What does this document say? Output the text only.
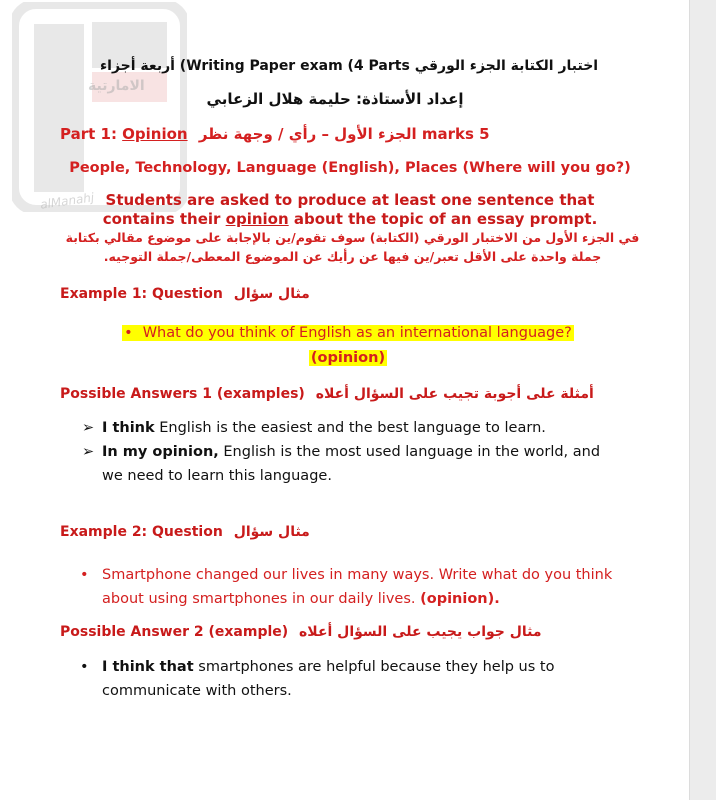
الامارتية
alManahj
أربعة أجزاء (Writing Paper exam (4 Parts اختبار الكتابة الجزء الورقي
إعداد الأستاذة: حليمة هلال الزعابي
Part 1: Opinion 5 marks الجزء الأول – رأي / وجهة نظر
People, Technology, Language (English), Places (Where will you go?)
Students are asked to produce at least one sentence that contains their opinion about the topic of an essay prompt.
في الجزء الأول من الاختبار الورقي (الكتابة) سوف تقوم/ين بالإجابة على موضوع مقالي بكتابة جملة واحدة على الأقل تعبر/ين فيها عن رأيك عن الموضوع المعطى/جملة التوجيه.
Example 1: Question مثال سؤال
• What do you think of English as an international language?
(opinion)
Possible Answers 1 (examples) أمثلة على أجوبة تجيب على السؤال أعلاه
➢ I think English is the easiest and the best language to learn.
➢ In my opinion, English is the most used language in the world, and we need to learn this language.
Example 2: Question مثال سؤال
• Smartphone changed our lives in many ways. Write what do you think about using smartphones in our daily lives. (opinion).
Possible Answer 2 (example) مثال جواب يجيب على السؤال أعلاه
• I think that smartphones are helpful because they help us to communicate with others.
